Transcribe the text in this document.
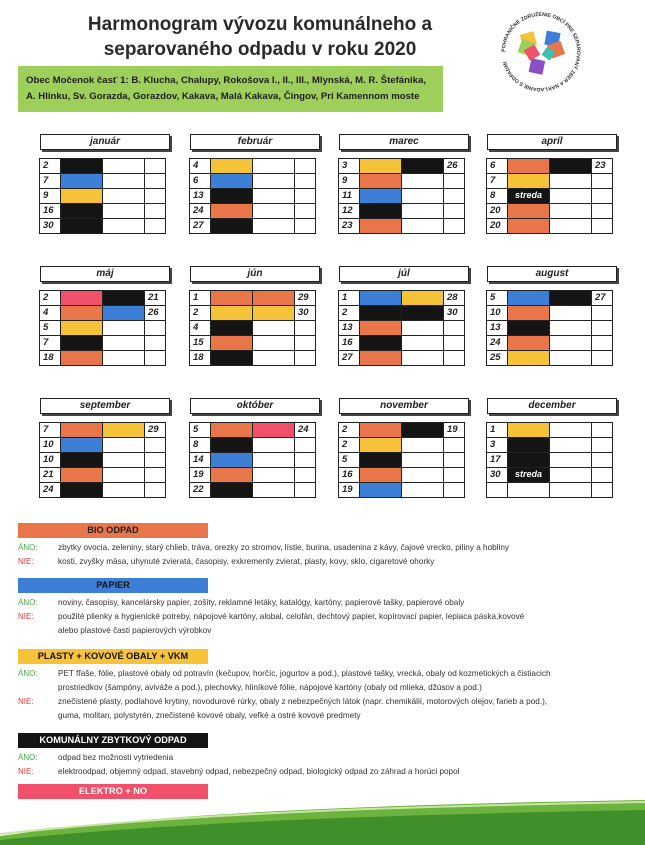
Harmonogram vývozu komunálneho a
separovaného odpadu v roku 2020	POHRANIČNÉ ZDRUŽENIE OBCÍ PRE SEPAROVANÝ ZBER A NAKLADANIE S ODPADMI
Obec Močenok časť 1: B. Klucha, Chalupy, Rokošova I., II., III., Mlynská, M. R. Štefánika,
A. Hlinku, Sv. Gorazda, Gorazdov, Kakava, Malá Kakava, Čingov, Pri Kamennom moste
január
2
7
9
16
30
február
4
6
13
24
27
marec
3	26
9
11
12
23
apríl
6	23
7
8	streda
20
20
máj
2	21
4	26
5
7
18
jún
1	29
2	30
4
15
18
júl
1	28
2	30
13
16
27
august
5	27
10
13
24
25
september
7	29
10
10
21
24
október
5	24
8
14
19
22
november
2	19
2
5
16
19
december
1
3
17
30	streda
BIO ODPAD
ÁNO:	zbytky ovocia, zeleniny, starý chlieb, tráva, orezky zo stromov, lístie, burina, usadenina z kávy, čajové vrecko, piliny a hobliny
NIE:	kosti, zvyšky mäsa, uhynuté zvieratá, časopisy, exkrementy zvierat, plasty, kovy, sklo, cigaretové ohorky
PAPIER
ÁNO:	noviny, časopisy, kancelársky papier, zošity, reklamné letáky, katalógy, kartóny, papierové tašky, papierové obaly
NIE:	použité plienky a hygienické potreby, nápojové kartóny, alobal, celofán, dechtový papier, kopírovací papier, lepiaca páska,kovové
alebo plastové časti papierových výrobkov
PLASTY + KOVOVÉ OBALY + VKM
ÁNO:	PET fľaše, fólie, plastové obaly od potravín (kečupov, horčíc, jogurtov a pod.), plastové tašky, vrecká, obaly od kozmetických a čistiacich
prostriedkov (šampóny, aviváže a pod.), plechovky, hliníkové fólie, nápojové kartóny (obaly od mlieka, džúsov a pod.)
NIE:	znečistené plasty, podlahové krytiny, novodurové rúrky, obaly z nebezpečných látok (napr. chemikálií, motorových olejov, farieb a pod.),
guma, molitan, polystyrén, znečistené kovové obaly, veľké a ostré kovové predmety
KOMUNÁLNY ZBYTKOVÝ ODPAD
ÁNO:	odpad bez možnosti vytriedenia
NIE:	elektroodpad, objemný odpad, stavebný odpad, nebezpečný odpad, biologický odpad zo záhrad a horúci popol
ELEKTRO + NO
